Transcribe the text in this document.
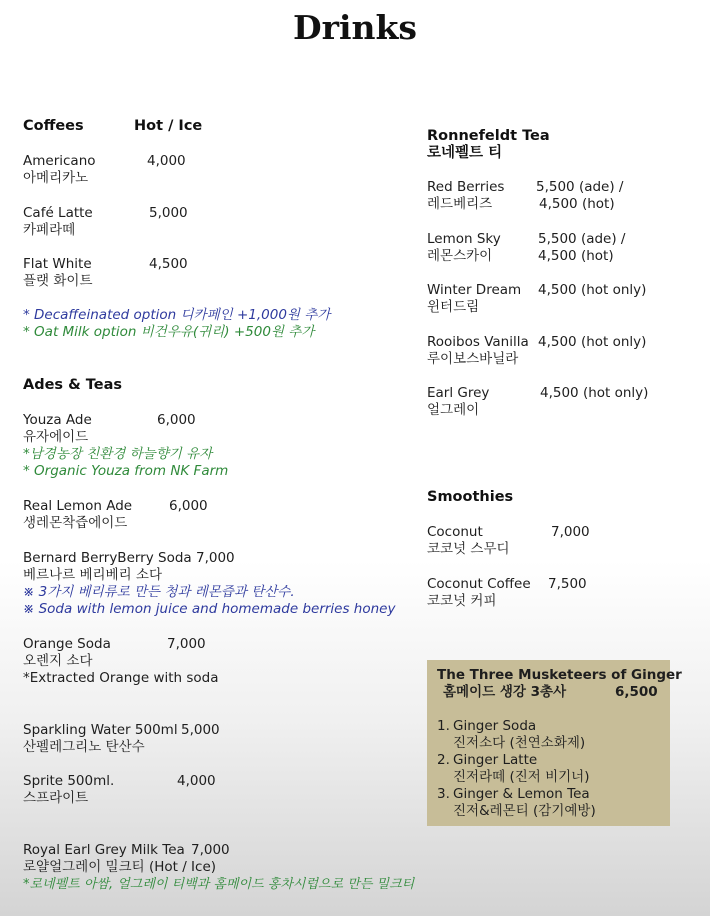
Drinks
Coffees	Hot / Ice
Americano	4,000
아메리카노
Café Latte	5,000
카페라떼
Flat White	4,500
플랫 화이트
* Decaffeinated option 디카페인 +1,000원 추가
* Oat Milk option 비건우유(귀리) +500원 추가
Ades & Teas
Youza Ade	6,000
유자에이드
*남경농장 친환경 하늘향기 유자
* Organic Youza from NK Farm
Real Lemon Ade	6,000
생레몬착즙에이드
Bernard BerryBerry Soda 7,000
베르나르 베리베리 소다
※ 3가지 베리류로 만든 청과 레몬즙과 탄산수.
※ Soda with lemon juice and homemade berries honey
Orange Soda	7,000
오렌지 소다
*Extracted Orange with soda
Sparkling Water 500ml 5,000
산펠레그리노 탄산수
Sprite 500ml.	4,000
스프라이트
Royal Earl Grey Milk Tea 7,000
로얄얼그레이 밀크티 (Hot / Ice)
*로네펠트 아쌈, 얼그레이 티백과 홈메이드 홍차시럽으로 만든 밀크티
Ronnefeldt Tea
로네펠트 티
Red Berries 5,500 (ade) /
레드베리즈	4,500 (hot)
Lemon Sky	5,500 (ade) /
레몬스카이	4,500 (hot)
Winter Dream 4,500 (hot only)
윈터드림
Rooibos Vanilla 4,500 (hot only)
루이보스바닐라
Earl Grey	4,500 (hot only)
얼그레이
Smoothies
Coconut	7,000
코코넛 스무디
Coconut Coffee 7,500
코코넛 커피
The Three Musketeers of Ginger
홈메이드 생강 3총사	6,500
1. Ginger Soda
진저소다 (천연소화제)
2. Ginger Latte
진저라떼 (진저 비기너)
3. Ginger & Lemon Tea
진저&레몬티 (감기예방)
